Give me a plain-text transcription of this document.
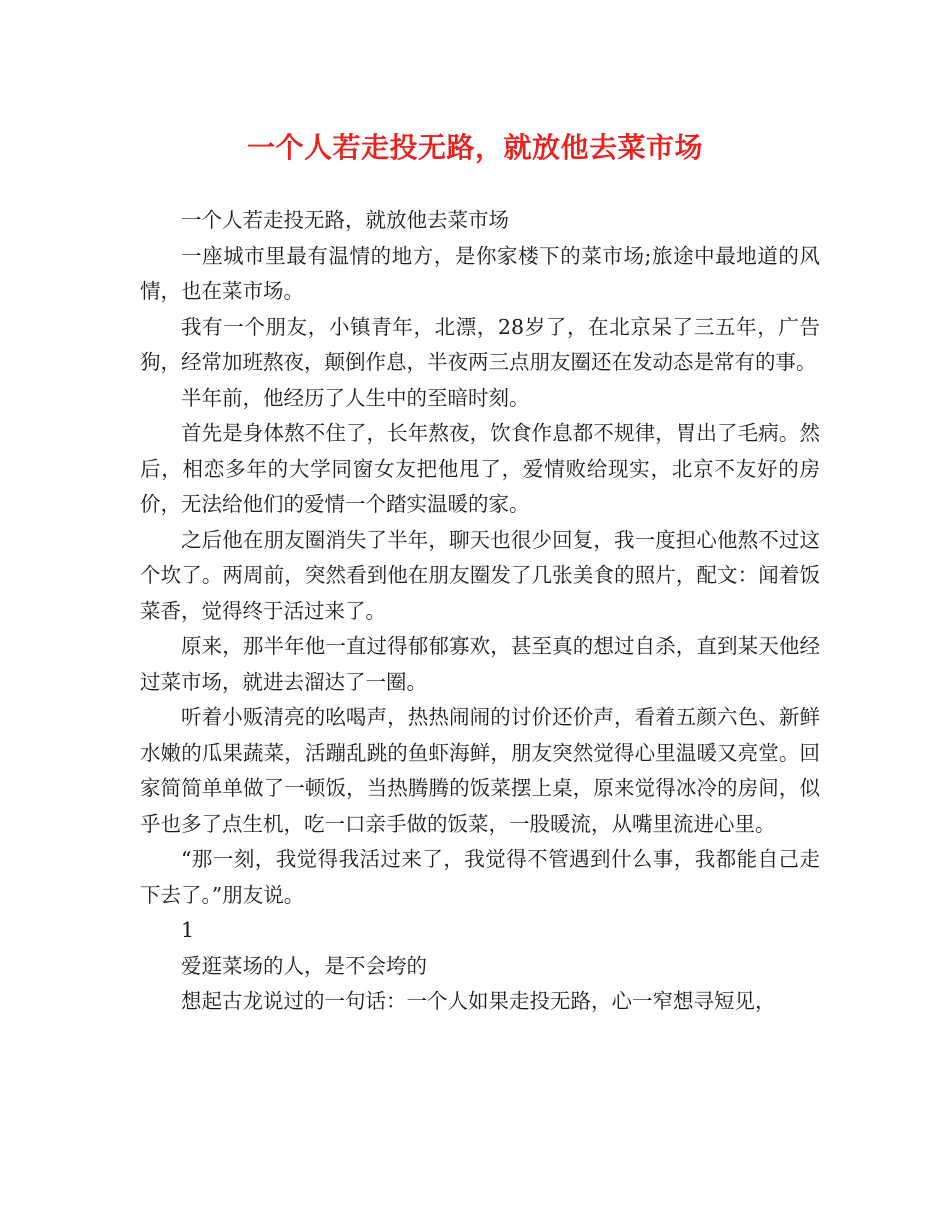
一个人若走投无路，就放他去菜市场

一个人若走投无路，就放他去菜市场

一座城市里最有温情的地方，是你家楼下的菜市场;旅途中最地道的风情，也在菜市场。

我有一个朋友，小镇青年，北漂，28岁了，在北京呆了三五年，广告狗，经常加班熬夜，颠倒作息，半夜两三点朋友圈还在发动态是常有的事。

半年前，他经历了人生中的至暗时刻。

首先是身体熬不住了，长年熬夜，饮食作息都不规律，胃出了毛病。然后，相恋多年的大学同窗女友把他甩了，爱情败给现实，北京不友好的房价，无法给他们的爱情一个踏实温暖的家。

之后他在朋友圈消失了半年，聊天也很少回复，我一度担心他熬不过这个坎了。两周前，突然看到他在朋友圈发了几张美食的照片，配文：闻着饭菜香，觉得终于活过来了。

原来，那半年他一直过得郁郁寡欢，甚至真的想过自杀，直到某天他经过菜市场，就进去溜达了一圈。

听着小贩清亮的吆喝声，热热闹闹的讨价还价声，看着五颜六色、新鲜水嫩的瓜果蔬菜，活蹦乱跳的鱼虾海鲜，朋友突然觉得心里温暖又亮堂。回家简简单单做了一顿饭，当热腾腾的饭菜摆上桌，原来觉得冰冷的房间，似乎也多了点生机，吃一口亲手做的饭菜，一股暖流，从嘴里流进心里。

“那一刻，我觉得我活过来了，我觉得不管遇到什么事，我都能自己走下去了。”朋友说。

1

爱逛菜场的人，是不会垮的

想起古龙说过的一句话：一个人如果走投无路，心一窄想寻短见，
